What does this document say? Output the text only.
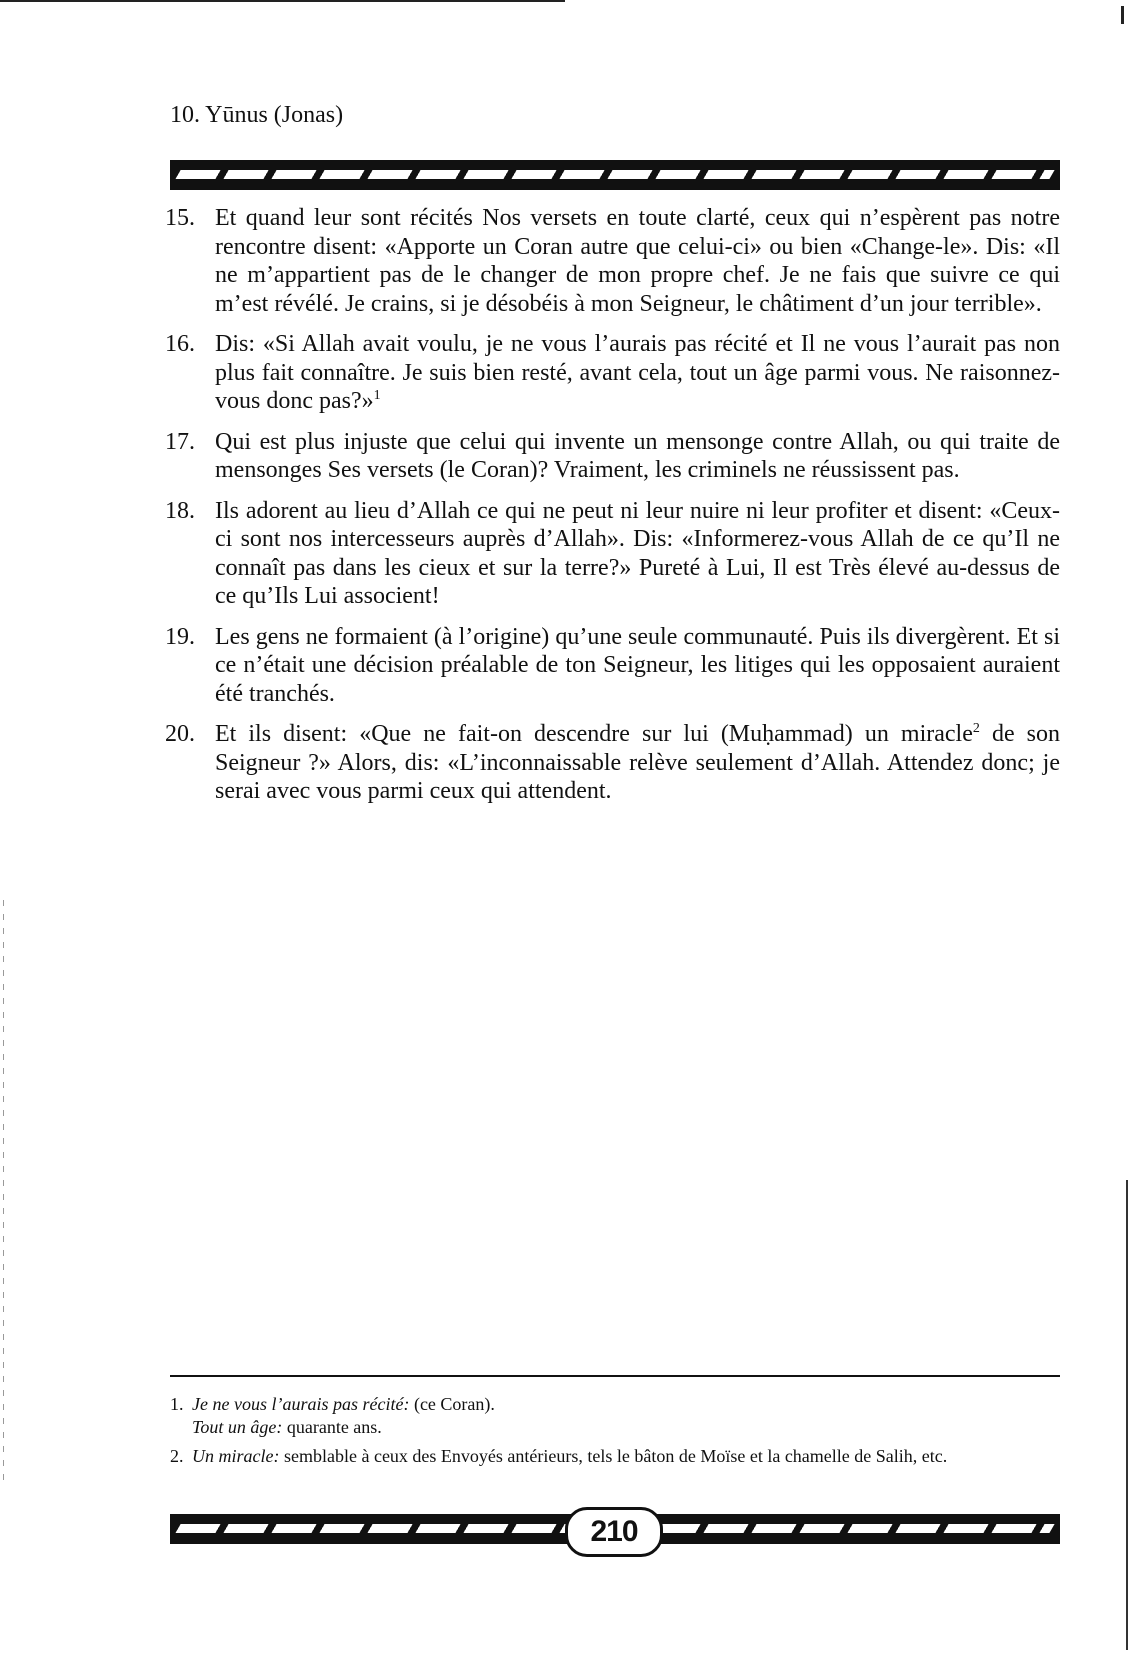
10. Yūnus (Jonas)
15. Et quand leur sont récités Nos versets en toute clarté, ceux qui n’espèrent pas notre rencontre disent: «Apporte un Coran autre que celui-ci» ou bien «Change-le». Dis: «Il ne m’appartient pas de le changer de mon propre chef. Je ne fais que suivre ce qui m’est révélé. Je crains, si je désobéis à mon Seigneur, le châtiment d’un jour terrible».
16. Dis: «Si Allah avait voulu, je ne vous l’aurais pas récité et Il ne vous l’aurait pas non plus fait connaître. Je suis bien resté, avant cela, tout un âge parmi vous. Ne raisonnez-vous donc pas?»$^1$
17. Qui est plus injuste que celui qui invente un mensonge contre Allah, ou qui traite de mensonges Ses versets (le Coran)? Vraiment, les criminels ne réussissent pas.
18. Ils adorent au lieu d’Allah ce qui ne peut ni leur nuire ni leur profiter et disent: «Ceux-ci sont nos intercesseurs auprès d’Allah». Dis: «Informerez-vous Allah de ce qu’Il ne connaît pas dans les cieux et sur la terre?» Pureté à Lui, Il est Très élevé au-dessus de ce qu’Ils Lui associent!
19. Les gens ne formaient (à l’origine) qu’une seule communauté. Puis ils divergèrent. Et si ce n’était une décision préalable de ton Seigneur, les litiges qui les opposaient auraient été tranchés.
20. Et ils disent: «Que ne fait-on descendre sur lui (Muḥammad) un miracle$^2$ de son Seigneur ?» Alors, dis: «L’inconnaissable relève seulement d’Allah. Attendez donc; je serai avec vous parmi ceux qui attendent.
1. Je ne vous l’aurais pas récité: (ce Coran).
Tout un âge: quarante ans.
2. Un miracle: semblable à ceux des Envoyés antérieurs, tels le bâton de Moïse et la chamelle de Salih, etc.
210
